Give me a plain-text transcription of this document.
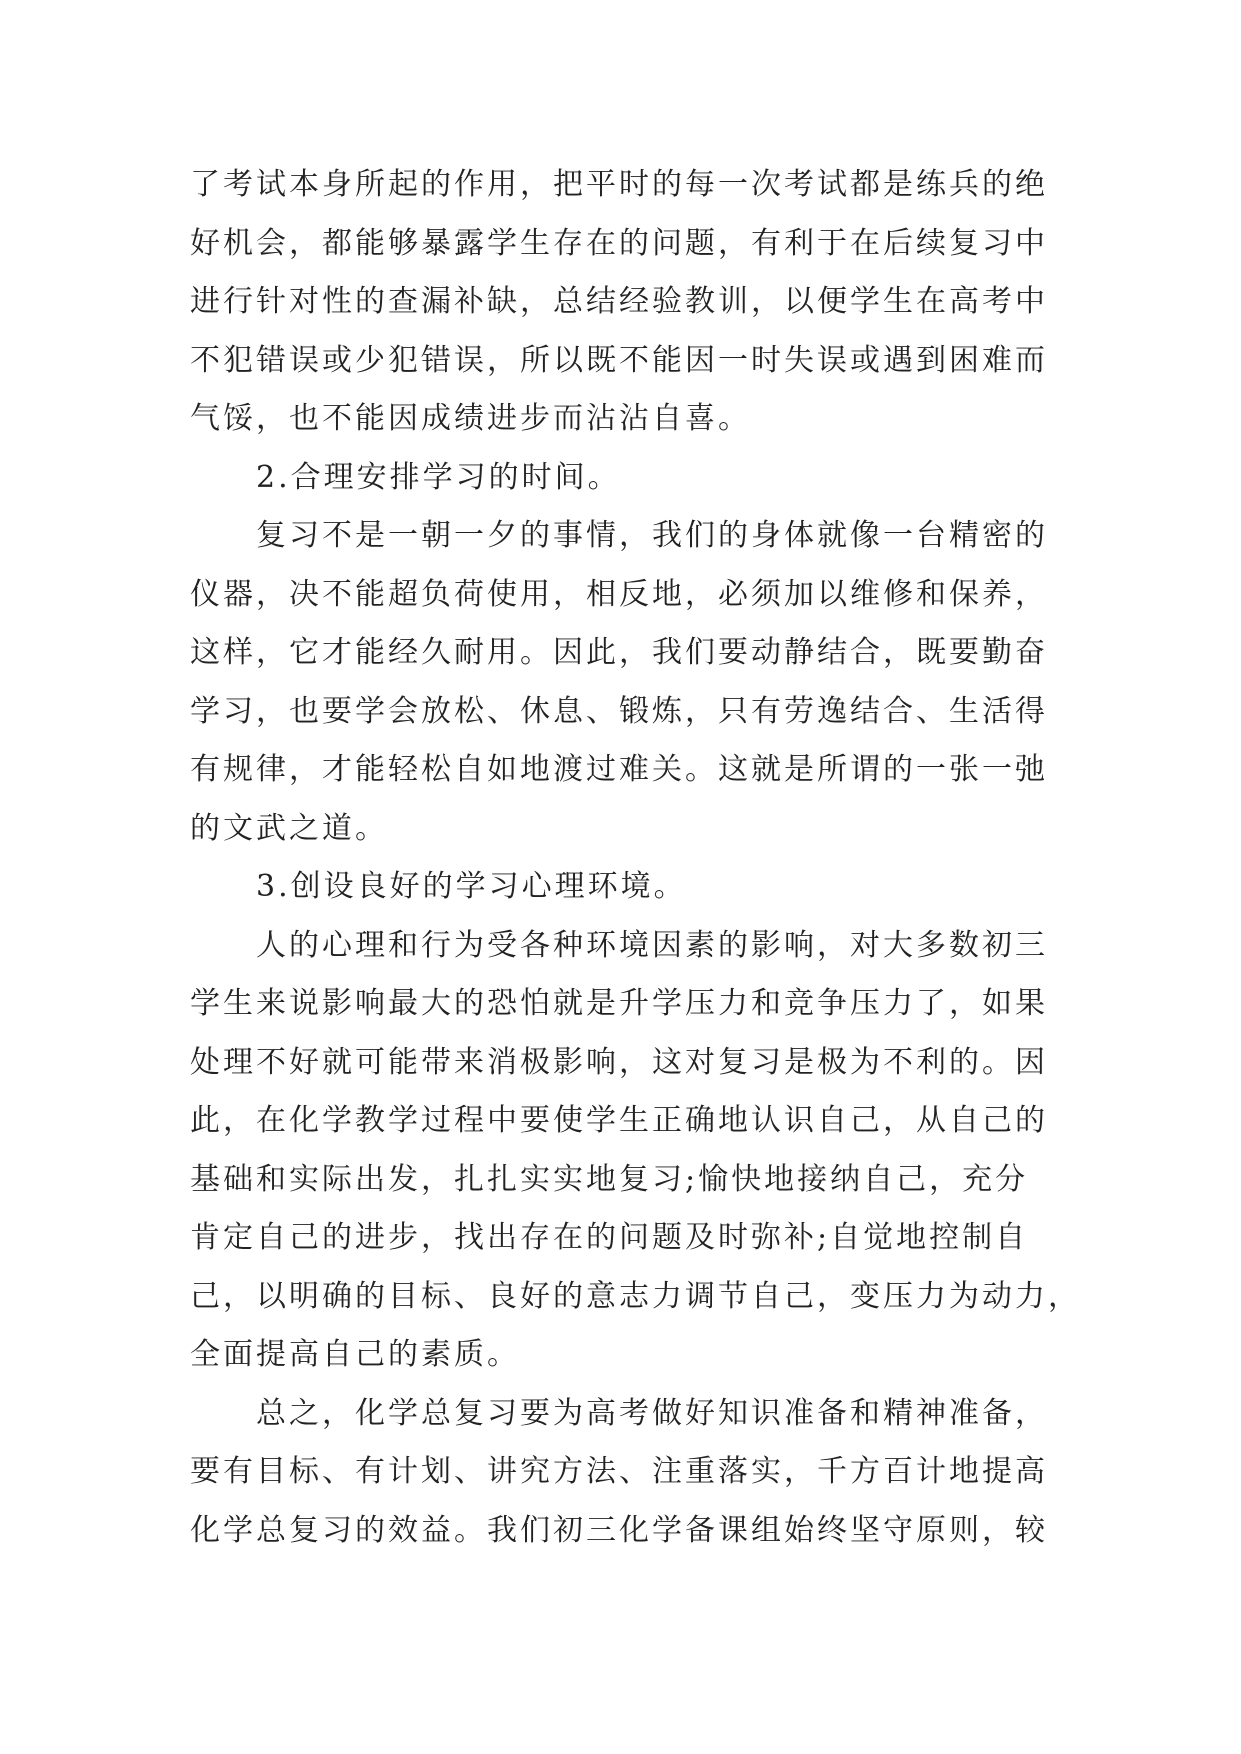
了考试本身所起的作用，把平时的每一次考试都是练兵的绝
好机会，都能够暴露学生存在的问题，有利于在后续复习中
进行针对性的查漏补缺，总结经验教训，以便学生在高考中
不犯错误或少犯错误，所以既不能因一时失误或遇到困难而
气馁，也不能因成绩进步而沾沾自喜。
2.合理安排学习的时间。
复习不是一朝一夕的事情，我们的身体就像一台精密的
仪器，决不能超负荷使用，相反地，必须加以维修和保养，
这样，它才能经久耐用。因此，我们要动静结合，既要勤奋
学习，也要学会放松、休息、锻炼，只有劳逸结合、生活得
有规律，才能轻松自如地渡过难关。这就是所谓的一张一弛
的文武之道。
3.创设良好的学习心理环境。
人的心理和行为受各种环境因素的影响，对大多数初三
学生来说影响最大的恐怕就是升学压力和竞争压力了，如果
处理不好就可能带来消极影响，这对复习是极为不利的。因
此，在化学教学过程中要使学生正确地认识自己，从自己的
基础和实际出发，扎扎实实地复习;愉快地接纳自己，充分
肯定自己的进步，找出存在的问题及时弥补;自觉地控制自
己，以明确的目标、良好的意志力调节自己，变压力为动力，
全面提高自己的素质。
总之，化学总复习要为高考做好知识准备和精神准备，
要有目标、有计划、讲究方法、注重落实，千方百计地提高
化学总复习的效益。我们初三化学备课组始终坚守原则，较
